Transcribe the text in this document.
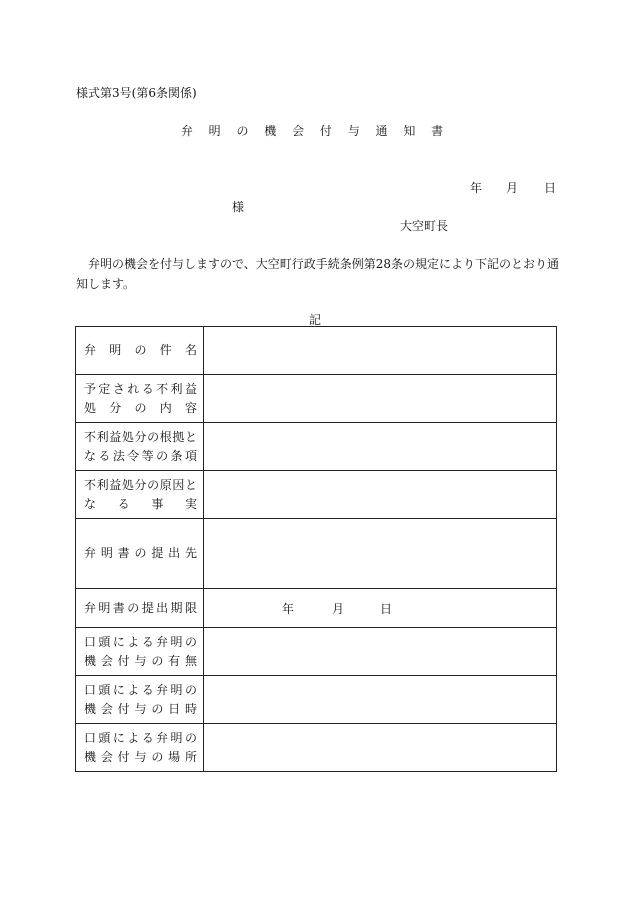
様式第3号(第6条関係)
弁 明 の 機 会 付 与 通 知 書
年 月 日
様
大空町長
弁明の機会を付与しますので、大空町行政手続条例第28条の規定により下記のとおり通知します。
記
弁　明　の　件　名	

予定される不利益
処　分　の　内　容	

不利益処分の根拠と
なる法令等の条項	

不利益処分の原因と
な　る　事　実	

弁明書の提出先	

弁明書の提出期限	年 月 日

口頭による弁明の
機会付与の有無	

口頭による弁明の
機会付与の日時	

口頭による弁明の
機会付与の場所	
